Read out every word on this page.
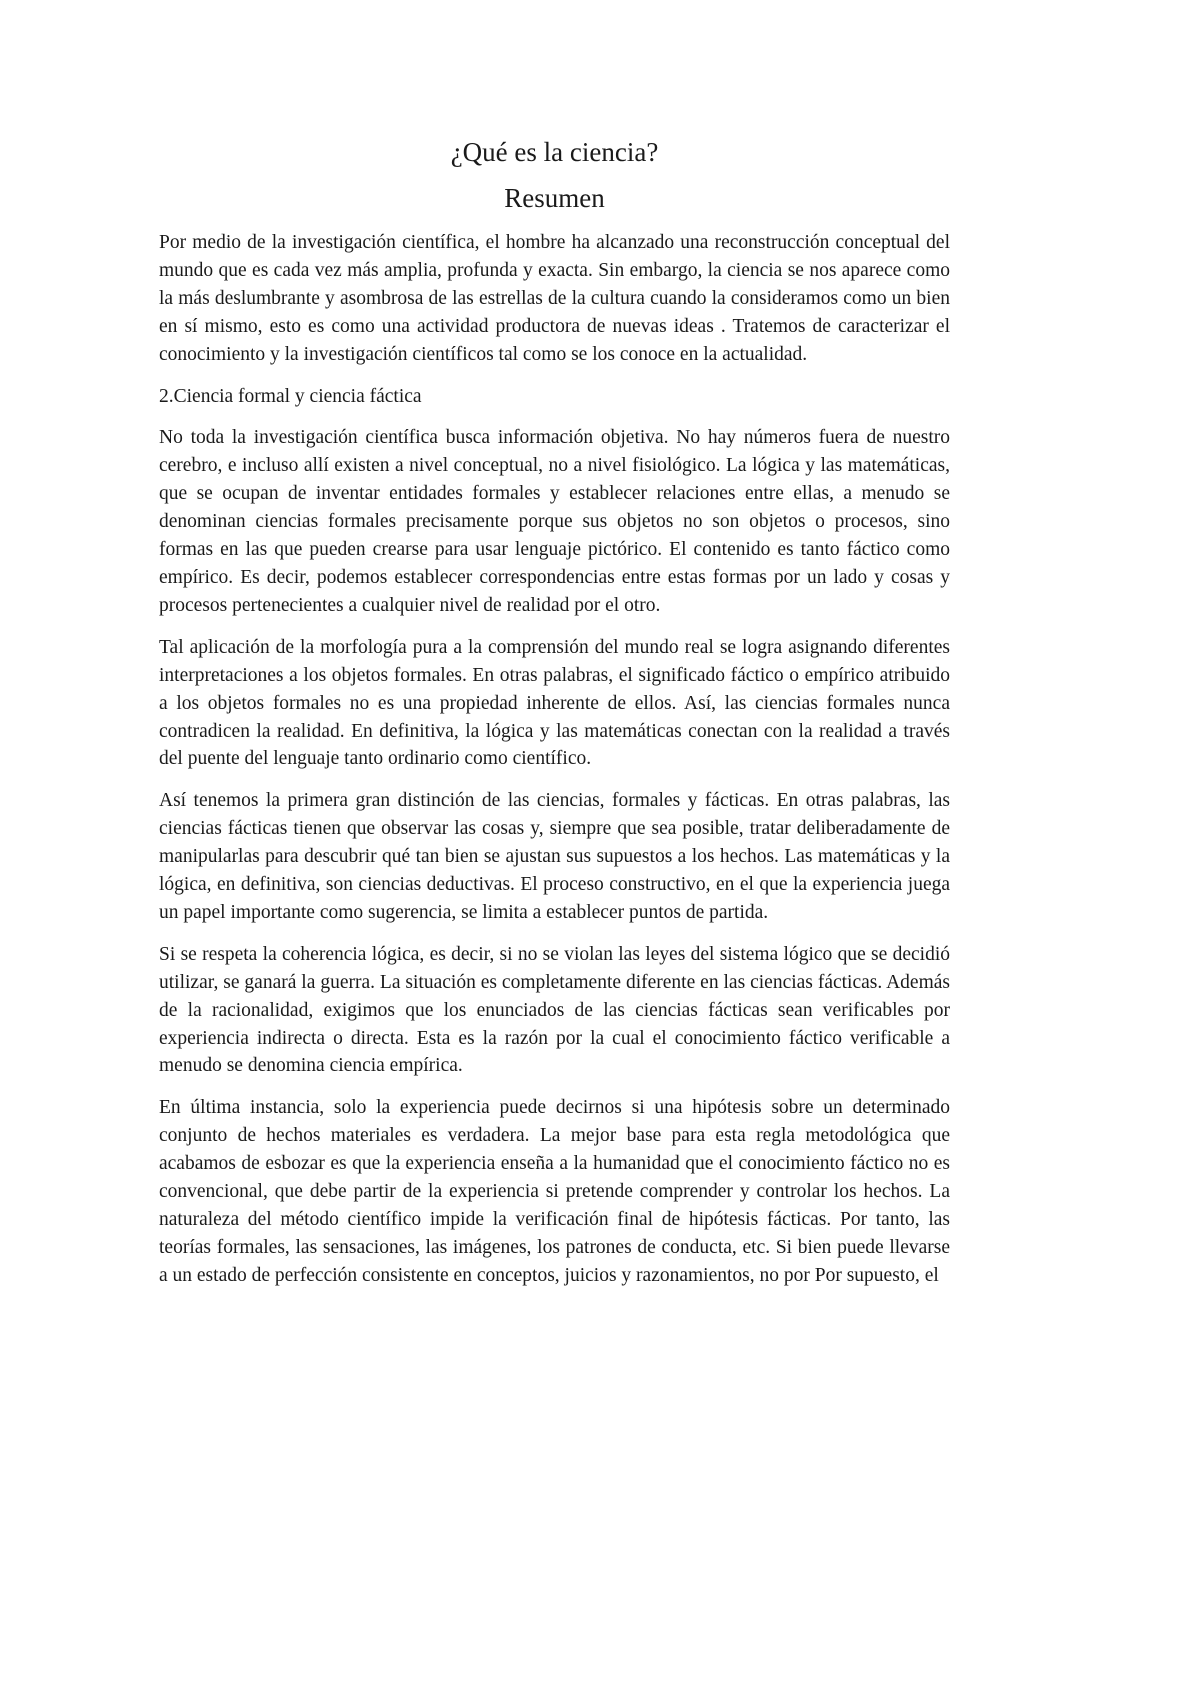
¿Qué es la ciencia?
Resumen

Por medio de la investigación científica, el hombre ha alcanzado una reconstrucción conceptual del mundo que es cada vez más amplia, profunda y exacta. Sin embargo, la ciencia se nos aparece como la más deslumbrante y asombrosa de las estrellas de la cultura cuando la consideramos como un bien en sí mismo, esto es como una actividad productora de nuevas ideas . Tratemos de caracterizar el conocimiento y la investigación científicos tal como se los conoce en la actualidad.

2.Ciencia formal y ciencia fáctica

No toda la investigación científica busca información objetiva. No hay números fuera de nuestro cerebro, e incluso allí existen a nivel conceptual, no a nivel fisiológico. La lógica y las matemáticas, que se ocupan de inventar entidades formales y establecer relaciones entre ellas, a menudo se denominan ciencias formales precisamente porque sus objetos no son objetos o procesos, sino formas en las que pueden crearse para usar lenguaje pictórico. El contenido es tanto fáctico como empírico. Es decir, podemos establecer correspondencias entre estas formas por un lado y cosas y procesos pertenecientes a cualquier nivel de realidad por el otro.

Tal aplicación de la morfología pura a la comprensión del mundo real se logra asignando diferentes interpretaciones a los objetos formales. En otras palabras, el significado fáctico o empírico atribuido a los objetos formales no es una propiedad inherente de ellos. Así, las ciencias formales nunca contradicen la realidad. En definitiva, la lógica y las matemáticas conectan con la realidad a través del puente del lenguaje tanto ordinario como científico.

Así tenemos la primera gran distinción de las ciencias, formales y fácticas. En otras palabras, las ciencias fácticas tienen que observar las cosas y, siempre que sea posible, tratar deliberadamente de manipularlas para descubrir qué tan bien se ajustan sus supuestos a los hechos. Las matemáticas y la lógica, en definitiva, son ciencias deductivas. El proceso constructivo, en el que la experiencia juega un papel importante como sugerencia, se limita a establecer puntos de partida.

Si se respeta la coherencia lógica, es decir, si no se violan las leyes del sistema lógico que se decidió utilizar, se ganará la guerra. La situación es completamente diferente en las ciencias fácticas. Además de la racionalidad, exigimos que los enunciados de las ciencias fácticas sean verificables por experiencia indirecta o directa. Esta es la razón por la cual el conocimiento fáctico verificable a menudo se denomina ciencia empírica.

En última instancia, solo la experiencia puede decirnos si una hipótesis sobre un determinado conjunto de hechos materiales es verdadera. La mejor base para esta regla metodológica que acabamos de esbozar es que la experiencia enseña a la humanidad que el conocimiento fáctico no es convencional, que debe partir de la experiencia si pretende comprender y controlar los hechos. La naturaleza del método científico impide la verificación final de hipótesis fácticas. Por tanto, las teorías formales, las sensaciones, las imágenes, los patrones de conducta, etc. Si bien puede llevarse a un estado de perfección consistente en conceptos, juicios y razonamientos, no por Por supuesto, el
